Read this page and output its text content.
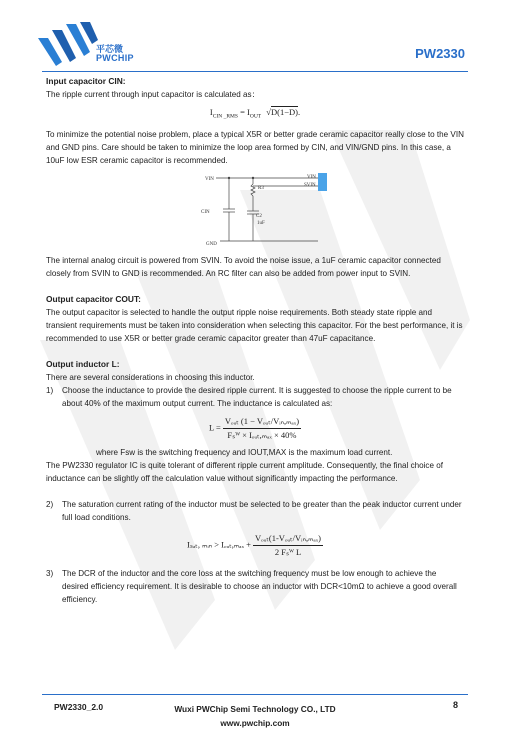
平芯微
PWCHIP	PW2330

Input capacitor CIN:

The ripple current through input capacitor is calculated as：

$I_{CIN \_RMS} = I_{OUT}$ √D(1−D).

To minimize the potential noise problem, place a typical X5R or better grade ceramic capacitor really close to the VIN and GND pins. Care should be taken to minimize the loop area formed by CIN, and VIN/GND pins. In this case, a 10uF low ESR ceramic capacitor is recommended.

VIN
R3
VIN
SVIN
CIN
C2
1uF
GND

The internal analog circuit is powered from SVIN. To avoid the noise issue, a 1uF ceramic capacitor connected closely from SVIN to GND is recommended. An RC filter can also be added from power input to SVIN.

Output capacitor COUT:

The output capacitor is selected to handle the output ripple noise requirements. Both steady state ripple and transient requirements must be taken into consideration when selecting this capacitor. For the best performance, it is recommended to use X5R or better grade ceramic capacitor greater than 47uF capacitance.

Output inductor L:

There are several considerations in choosing this inductor.

1)	Choose the inductance to provide the desired ripple current. It is suggested to choose the ripple current to be about 40% of the maximum output current. The inductance is calculated as:
$L = \frac{\text{Vₒᵤₜ (1 − Vₒᵤₜ/Vᵢₙ,ₘₐₓ)}}{\text{Fₛᵂ × Iₒᵤₜ,ₘₐₓ × 40\%}}$

where Fsw is the switching frequency and IOUT,MAX is the maximum load current.

The PW2330 regulator IC is quite tolerant of different ripple current amplitude. Consequently, the final choice of inductance can be slightly off the calculation value without significantly impacting the performance.

2)	The saturation current rating of the inductor must be selected to be greater than the peak inductor current under full load conditions.
Iₛₐₜ, ₘᵢₙ > Iₒᵤₜ,ₘₐₓ + $\frac{\text{Vₒᵤₜ(1-Vₒᵤₜ/Vᵢₙ,ₘₐₓ)}}{\text{2 Fₛᵂ L}}$
3)	The DCR of the inductor and the core loss at the switching frequency must be low enough to achieve the desired efficiency requirement. It is desirable to choose an inductor with DCR<10mΩ to achieve a good overall efficiency.
PW2330_2.0	Wuxi PWChip Semi Technology CO., LTD
www.pwchip.com
8
